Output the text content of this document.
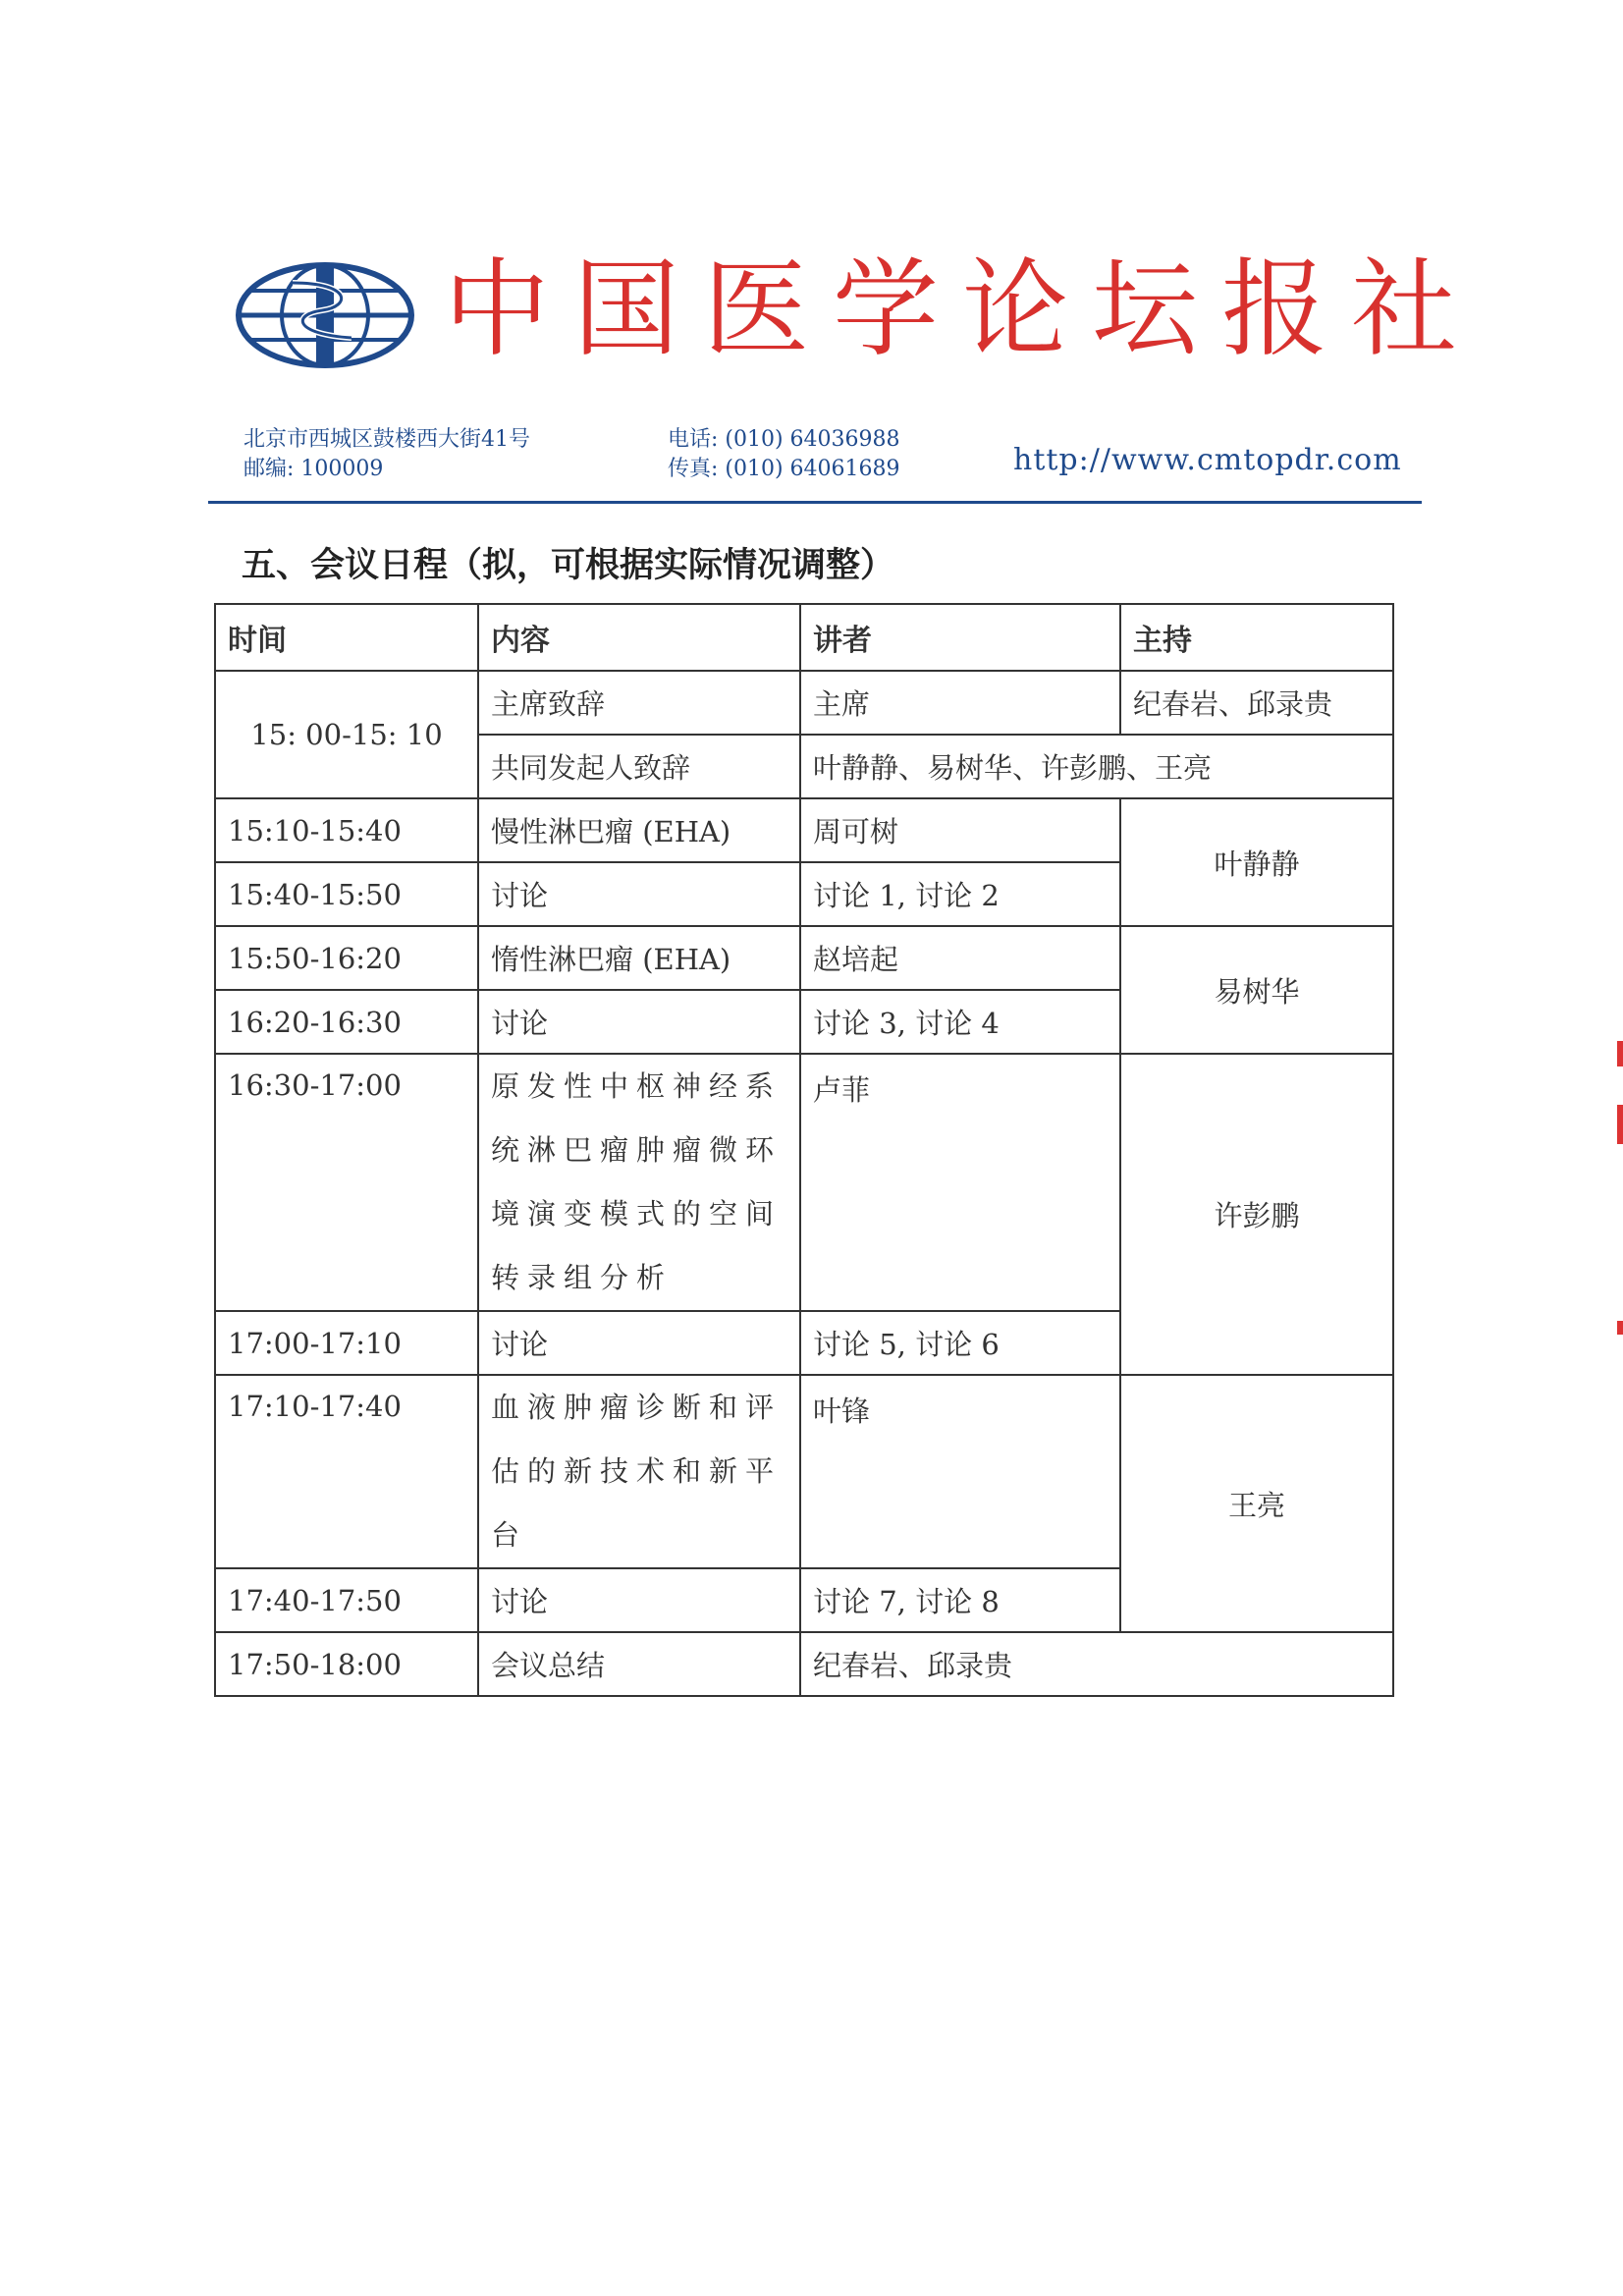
中国医学论坛报社
北京市西城区鼓楼西大街41号
邮编: 100009
电话: (010) 64036988
传真: (010) 64061689	http://www.cmtopdr.com
五、会议日程（拟，可根据实际情况调整）
时间	内容	讲者	主持
15: 00-15: 10	主席致辞	主席	纪春岩、邱录贵
	共同发起人致辞	叶静静、易树华、许彭鹏、王亮	
15:10-15:40	慢性淋巴瘤 (EHA)	周可树	叶静静
15:40-15:50	讨论	讨论 1, 讨论 2	
15:50-16:20	惰性淋巴瘤 (EHA)	赵培起	易树华
16:20-16:30	讨论	讨论 3, 讨论 4	
16:30-17:00	原发性中枢神经系统淋巴瘤肿瘤微环境演变模式的空间转录组分析	卢菲	许彭鹏
17:00-17:10	讨论	讨论 5, 讨论 6	
17:10-17:40	血液肿瘤诊断和评估的新技术和新平台	叶锋	王亮
17:40-17:50	讨论	讨论 7, 讨论 8	
17:50-18:00	会议总结	纪春岩、邱录贵	
